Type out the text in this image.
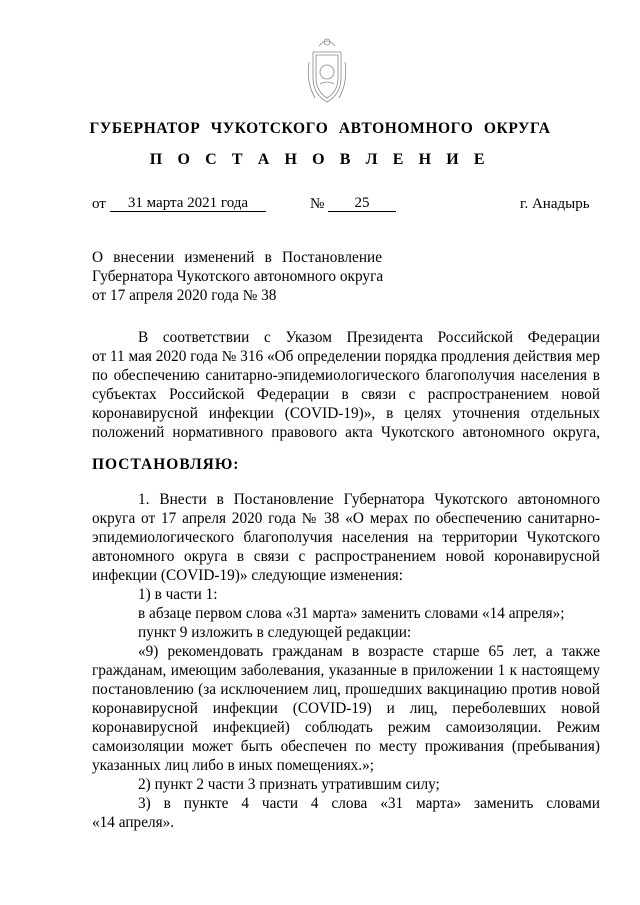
ГУБЕРНАТОР ЧУКОТСКОГО АВТОНОМНОГО ОКРУГА
П О С Т А Н О В Л Е Н И Е
от	31 марта 2021 года	№	25	г. Анадырь
О внесении изменений в Постановление
Губернатора Чукотского автономного округа
от 17 апреля 2020 года № 38
В соответствии с Указом Президента Российской Федерации
от 11 мая 2020 года № 316 «Об определении порядка продления действия мер
по обеспечению санитарно-эпидемиологического благополучия населения в
субъектах Российской Федерации в связи с распространением новой
коронавирусной инфекции (COVID-19)», в целях уточнения отдельных
положений нормативного правового акта Чукотского автономного округа,
ПОСТАНОВЛЯЮ:
1. Внести в Постановление Губернатора Чукотского автономного
округа от 17 апреля 2020 года № 38 «О мерах по обеспечению санитарно-
эпидемиологического благополучия населения на территории Чукотского
автономного округа в связи с распространением новой коронавирусной
инфекции (COVID-19)» следующие изменения:
1) в части 1:
в абзаце первом слова «31 марта» заменить словами «14 апреля»;
пункт 9 изложить в следующей редакции:
«9) рекомендовать гражданам в возрасте старше 65 лет, а также
гражданам, имеющим заболевания, указанные в приложении 1 к настоящему
постановлению (за исключением лиц, прошедших вакцинацию против новой
коронавирусной инфекции (COVID-19) и лиц, переболевших новой
коронавирусной инфекцией) соблюдать режим самоизоляции. Режим
самоизоляции может быть обеспечен по месту проживания (пребывания)
указанных лиц либо в иных помещениях.»;
2) пункт 2 части 3 признать утратившим силу;
3) в пункте 4 части 4 слова «31 марта» заменить словами
«14 апреля».
